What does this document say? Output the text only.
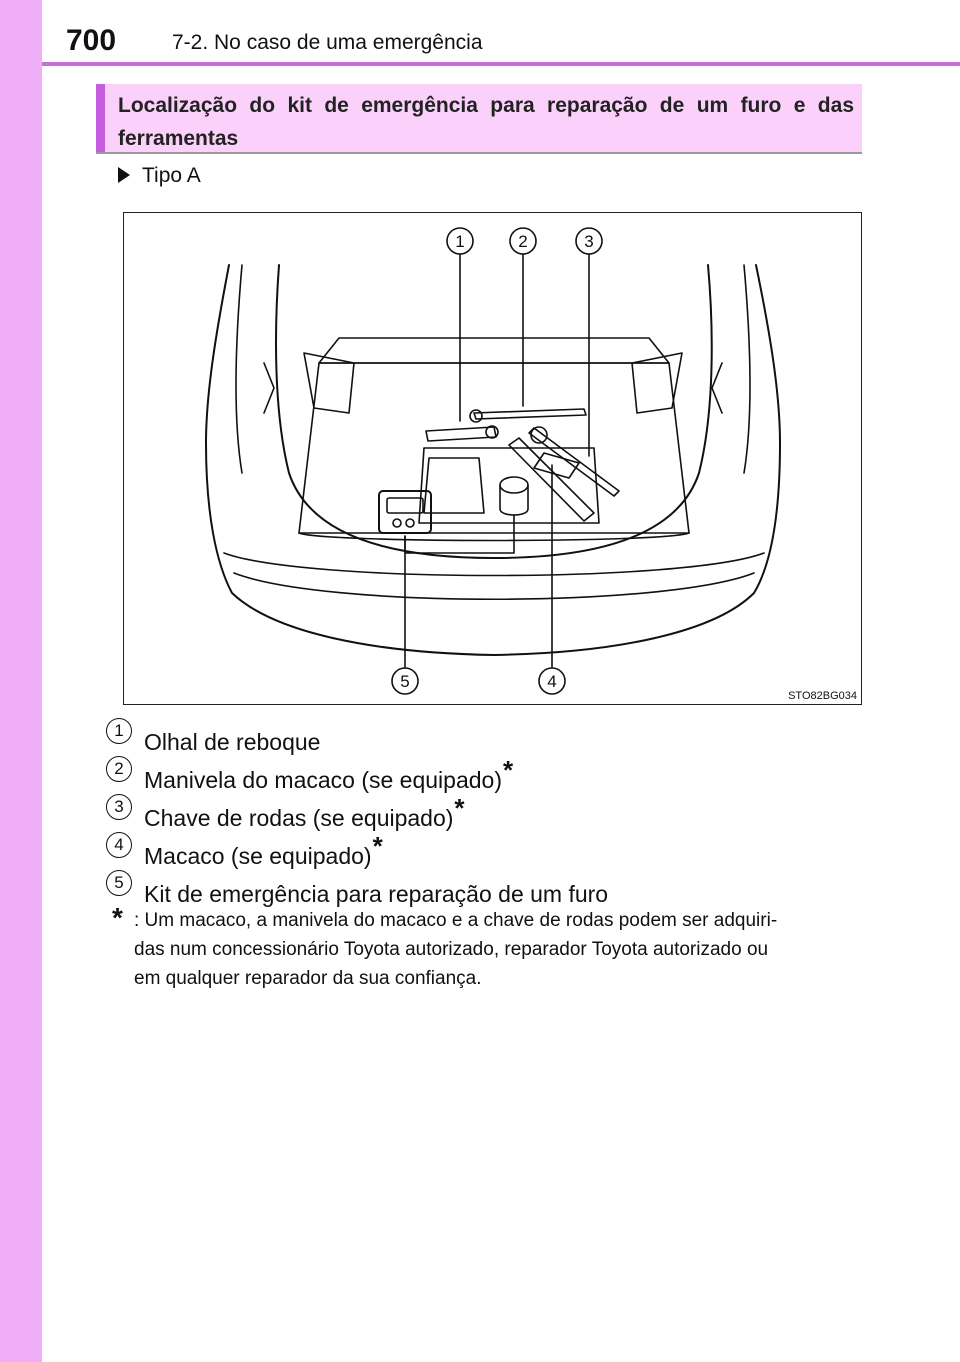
700	7-2. No caso de uma emergência
Localização do kit de emergência para reparação de um furo e das ferramentas
Tipo A
1	2	3
4
5
STO82BG034
1 Olhal de reboque
2 Manivela do macaco (se equipado)*
3 Chave de rodas (se equipado)*
4 Macaco (se equipado)*
5 Kit de emergência para reparação de um furo
* : Um macaco, a manivela do macaco e a chave de rodas podem ser adquiri-
das num concessionário Toyota autorizado, reparador Toyota autorizado ou
em qualquer reparador da sua confiança.
